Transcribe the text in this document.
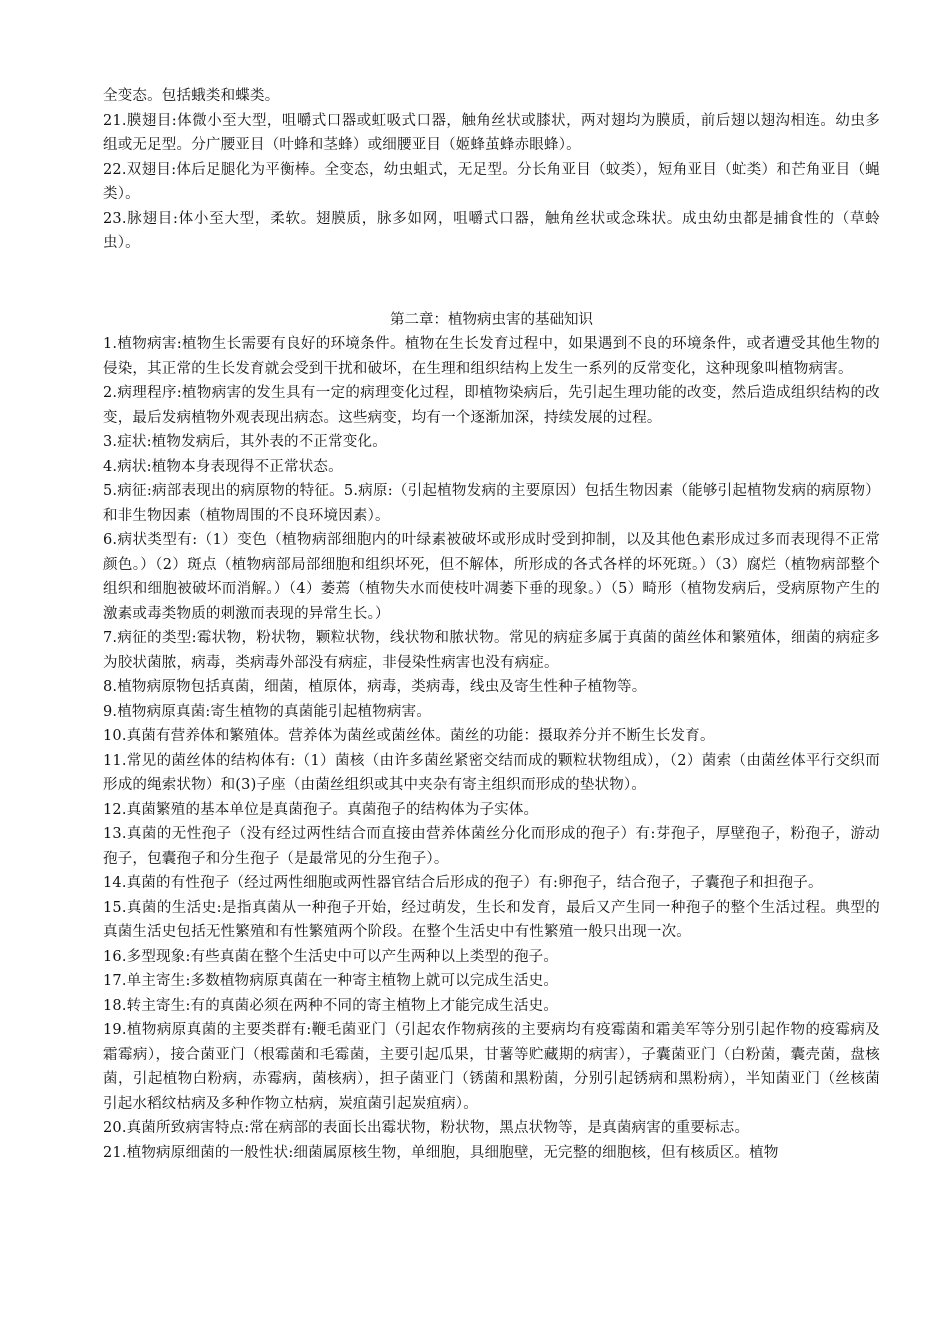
全变态。包括蛾类和蝶类。

21.膜翅目:体微小至大型，咀嚼式口器或虹吸式口器，触角丝状或膝状，两对翅均为膜质，前后翅以翅沟相连。幼虫多组或无足型。分广腰亚目（叶蜂和茎蜂）或细腰亚目（姬蜂茧蜂赤眼蜂）。

22.双翅目:体后足腿化为平衡棒。全变态，幼虫蛆式，无足型。分长角亚目（蚊类），短角亚目（虻类）和芒角亚目（蝇类）。

23.脉翅目:体小至大型，柔软。翅膜质，脉多如网，咀嚼式口器，触角丝状或念珠状。成虫幼虫都是捕食性的（草蛉虫）。

第二章：植物病虫害的基础知识

1.植物病害:植物生长需要有良好的环境条件。植物在生长发育过程中，如果遇到不良的环境条件，或者遭受其他生物的侵染，其正常的生长发育就会受到干扰和破坏，在生理和组织结构上发生一系列的反常变化，这种现象叫植物病害。

2.病理程序:植物病害的发生具有一定的病理变化过程，即植物染病后，先引起生理功能的改变，然后造成组织结构的改变，最后发病植物外观表现出病态。这些病变，均有一个逐渐加深，持续发展的过程。

3.症状:植物发病后，其外表的不正常变化。

4.病状:植物本身表现得不正常状态。

5.病征:病部表现出的病原物的特征。5.病原:（引起植物发病的主要原因）包括生物因素（能够引起植物发病的病原物）和非生物因素（植物周围的不良环境因素）。

6.病状类型有:（1）变色（植物病部细胞内的叶绿素被破坏或形成时受到抑制，以及其他色素形成过多而表现得不正常颜色。）（2）斑点（植物病部局部细胞和组织坏死，但不解体，所形成的各式各样的坏死斑。）（3）腐烂（植物病部整个组织和细胞被破坏而消解。）（4）萎蔫（植物失水而使枝叶凋萎下垂的现象。）（5）畸形（植物发病后，受病原物产生的激素或毒类物质的刺激而表现的异常生长。）

7.病征的类型:霉状物，粉状物，颗粒状物，线状物和脓状物。常见的病症多属于真菌的菌丝体和繁殖体，细菌的病症多为胶状菌脓，病毒，类病毒外部没有病症，非侵染性病害也没有病症。

8.植物病原物包括真菌，细菌，植原体，病毒，类病毒，线虫及寄生性种子植物等。

9.植物病原真菌:寄生植物的真菌能引起植物病害。

10.真菌有营养体和繁殖体。营养体为菌丝或菌丝体。菌丝的功能：摄取养分并不断生长发育。

11.常见的菌丝体的结构体有:（1）菌核（由许多菌丝紧密交结而成的颗粒状物组成），（2）菌索（由菌丝体平行交织而形成的绳索状物）和(3)子座（由菌丝组织或其中夹杂有寄主组织而形成的垫状物）。

12.真菌繁殖的基本单位是真菌孢子。真菌孢子的结构体为子实体。

13.真菌的无性孢子（没有经过两性结合而直接由营养体菌丝分化而形成的孢子）有:芽孢子，厚壁孢子，粉孢子，游动孢子，包囊孢子和分生孢子（是最常见的分生孢子）。

14.真菌的有性孢子（经过两性细胞或两性器官结合后形成的孢子）有:卵孢子，结合孢子，子囊孢子和担孢子。

15.真菌的生活史:是指真菌从一种孢子开始，经过萌发，生长和发育，最后又产生同一种孢子的整个生活过程。典型的真菌生活史包括无性繁殖和有性繁殖两个阶段。在整个生活史中有性繁殖一般只出现一次。

16.多型现象:有些真菌在整个生活史中可以产生两种以上类型的孢子。

17.单主寄生:多数植物病原真菌在一种寄主植物上就可以完成生活史。

18.转主寄生:有的真菌必须在两种不同的寄主植物上才能完成生活史。

19.植物病原真菌的主要类群有:鞭毛菌亚门（引起农作物病孩的主要病均有疫霉菌和霜美军等分别引起作物的疫霉病及霜霉病），接合菌亚门（根霉菌和毛霉菌，主要引起瓜果，甘薯等贮藏期的病害），子囊菌亚门（白粉菌，囊壳菌，盘核菌，引起植物白粉病，赤霉病，菌核病），担子菌亚门（锈菌和黑粉菌，分别引起锈病和黑粉病），半知菌亚门（丝核菌引起水稻纹枯病及多种作物立枯病，炭疽菌引起炭疽病）。

20.真菌所致病害特点:常在病部的表面长出霉状物，粉状物，黑点状物等，是真菌病害的重要标志。

21.植物病原细菌的一般性状:细菌属原核生物，单细胞，具细胞壁，无完整的细胞核，但有核质区。植物
